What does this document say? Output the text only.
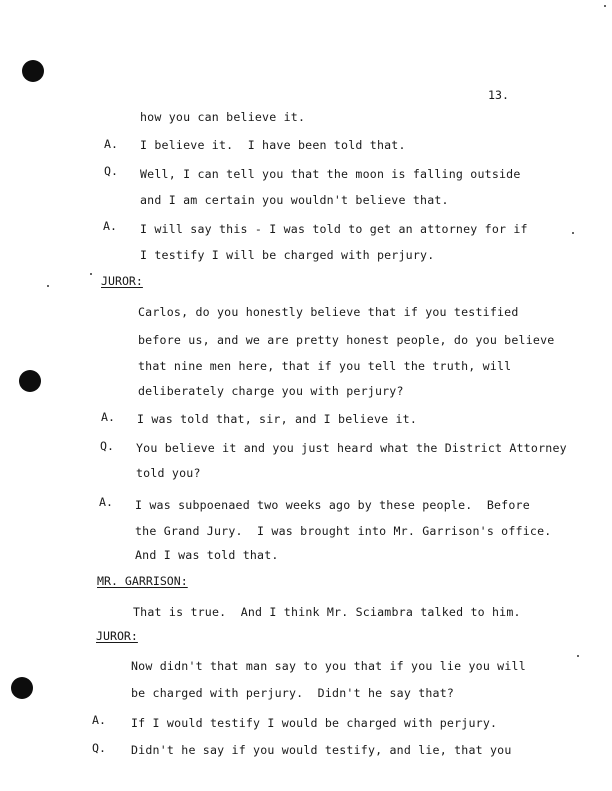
13.
how you can believe it.
A. I believe it.  I have been told that.
Q. Well, I can tell you that the moon is falling outside
and I am certain you wouldn't believe that.
A. I will say this - I was told to get an attorney for if
I testify I will be charged with perjury.
JUROR:
Carlos, do you honestly believe that if you testified
before us, and we are pretty honest people, do you believe
that nine men here, that if you tell the truth, will
deliberately charge you with perjury?
A. I was told that, sir, and I believe it.
Q. You believe it and you just heard what the District Attorney
told you?
A. I was subpoenaed two weeks ago by these people.  Before
the Grand Jury.  I was brought into Mr. Garrison's office.
And I was told that.
MR. GARRISON:
That is true.  And I think Mr. Sciambra talked to him.
JUROR:
Now didn't that man say to you that if you lie you will
be charged with perjury.  Didn't he say that?
A. If I would testify I would be charged with perjury.
Q. Didn't he say if you would testify, and lie, that you
